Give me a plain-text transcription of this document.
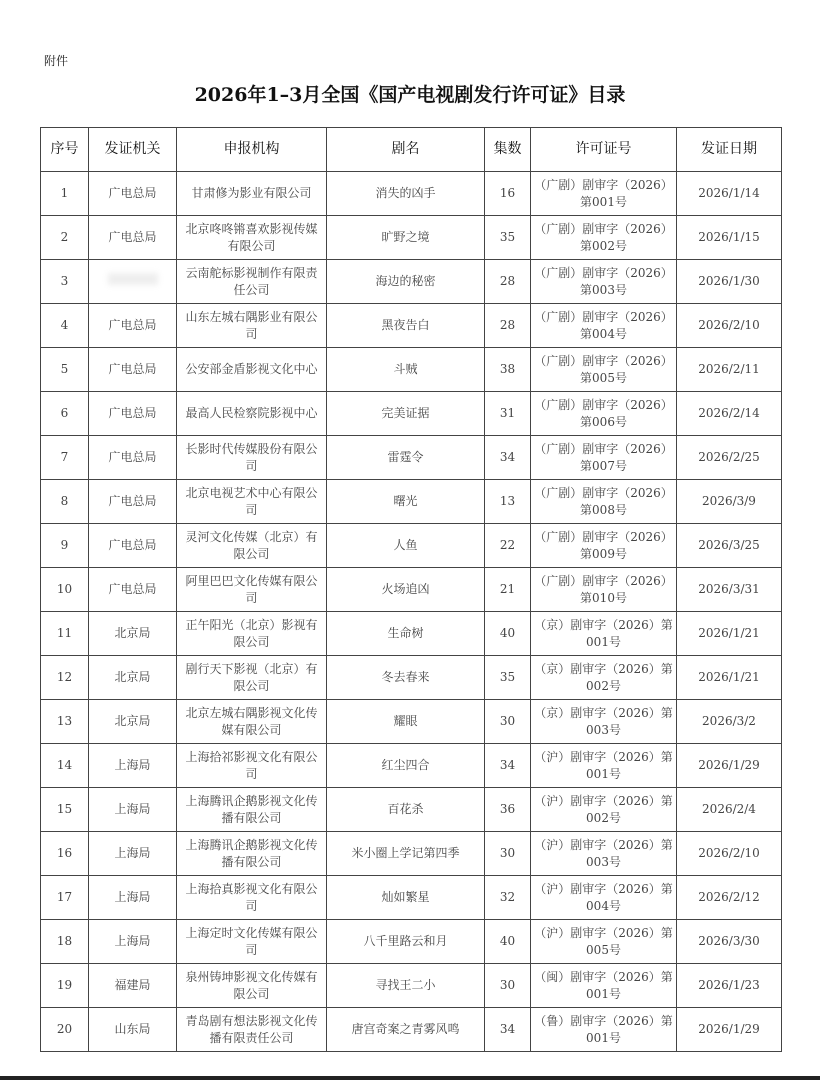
附件
2026年1–3月全国《国产电视剧发行许可证》目录
序号	发证机关	申报机构	剧名	集数	许可证号	发证日期
1	广电总局	甘肃修为影业有限公司	消失的凶手	16	（广剧）剧审字（2026）第001号	2026/1/14
2	广电总局	北京咚咚锵喜欢影视传媒有限公司	旷野之境	35	（广剧）剧审字（2026）第002号	2026/1/15
3		云南舵标影视制作有限责任公司	海边的秘密	28	（广剧）剧审字（2026）第003号	2026/1/30
4	广电总局	山东左城右隅影业有限公司	黑夜告白	28	（广剧）剧审字（2026）第004号	2026/2/10
5	广电总局	公安部金盾影视文化中心	斗贼	38	（广剧）剧审字（2026）第005号	2026/2/11
6	广电总局	最高人民检察院影视中心	完美证据	31	（广剧）剧审字（2026）第006号	2026/2/14
7	广电总局	长影时代传媒股份有限公司	雷霆令	34	（广剧）剧审字（2026）第007号	2026/2/25
8	广电总局	北京电视艺术中心有限公司	曙光	13	（广剧）剧审字（2026）第008号	2026/3/9
9	广电总局	灵河文化传媒（北京）有限公司	人鱼	22	（广剧）剧审字（2026）第009号	2026/3/25
10	广电总局	阿里巴巴文化传媒有限公司	火场追凶	21	（广剧）剧审字（2026）第010号	2026/3/31
11	北京局	正午阳光（北京）影视有限公司	生命树	40	（京）剧审字（2026）第001号	2026/1/21
12	北京局	剧行天下影视（北京）有限公司	冬去春来	35	（京）剧审字（2026）第002号	2026/1/21
13	北京局	北京左城右隅影视文化传媒有限公司	耀眼	30	（京）剧审字（2026）第003号	2026/3/2
14	上海局	上海拾祁影视文化有限公司	红尘四合	34	（沪）剧审字（2026）第001号	2026/1/29
15	上海局	上海腾讯企鹅影视文化传播有限公司	百花杀	36	（沪）剧审字（2026）第002号	2026/2/4
16	上海局	上海腾讯企鹅影视文化传播有限公司	米小圈上学记第四季	30	（沪）剧审字（2026）第003号	2026/2/10
17	上海局	上海拾真影视文化有限公司	灿如繁星	32	（沪）剧审字（2026）第004号	2026/2/12
18	上海局	上海定时文化传媒有限公司	八千里路云和月	40	（沪）剧审字（2026）第005号	2026/3/30
19	福建局	泉州铸坤影视文化传媒有限公司	寻找王二小	30	（闽）剧审字（2026）第001号	2026/1/23
20	山东局	青岛剧有想法影视文化传播有限责任公司	唐宫奇案之青雾风鸣	34	（鲁）剧审字（2026）第001号	2026/1/29
